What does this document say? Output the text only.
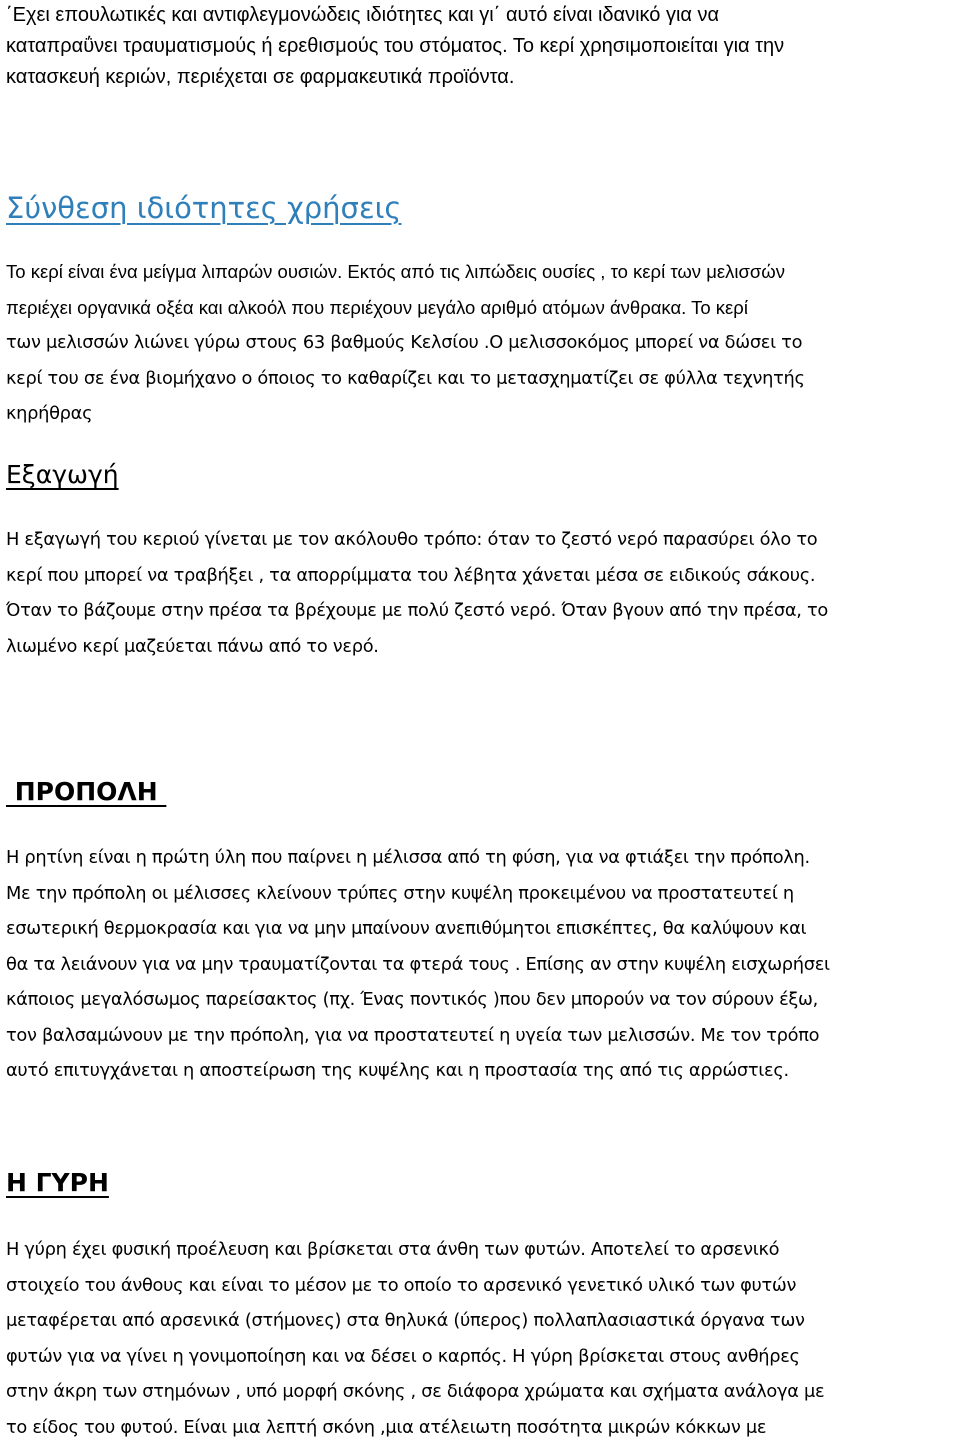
΄Εχει επουλωτικές και αντιφλεγμονώδεις ιδιότητες και γι΄ αυτό είναι ιδανικό για να
καταπραΰνει τραυματισμούς ή ερεθισμούς του στόματος. Το κερί χρησιμοποιείται για την
κατασκευή κεριών, περιέχεται σε φαρμακευτικά προϊόντα.

Σύνθεση ιδιότητες χρήσεις

Το κερί είναι ένα μείγμα λιπαρών ουσιών. Εκτός από τις λιπώδεις ουσίες , το κερί των μελισσών
περιέχει οργανικά οξέα και αλκοόλ που περιέχουν μεγάλο αριθμό ατόμων άνθρακα. Το κερί
των μελισσών λιώνει γύρω στους 63 βαθμούς Κελσίου .Ο μελισσοκόμος μπορεί να δώσει το
κερί του σε ένα βιομήχανο ο όποιος το καθαρίζει και το μετασχηματίζει σε φύλλα τεχνητής
κηρήθρας

Εξαγωγή

Η εξαγωγή του κεριού γίνεται με τον ακόλουθο τρόπο: όταν το ζεστό νερό παρασύρει όλο το
κερί που μπορεί να τραβήξει , τα απορρίμματα του λέβητα χάνεται μέσα σε ειδικούς σάκους.
Όταν το βάζουμε στην πρέσα τα βρέχουμε με πολύ ζεστό νερό. Όταν βγουν από την πρέσα, το
λιωμένο κερί μαζεύεται πάνω από το νερό.

ΠΡΟΠΟΛΗ

Η ρητίνη είναι η πρώτη ύλη που παίρνει η μέλισσα από τη φύση, για να φτιάξει την πρόπολη.
Με την πρόπολη οι μέλισσες κλείνουν τρύπες στην κυψέλη προκειμένου να προστατευτεί η
εσωτερική θερμοκρασία και για να μην μπαίνουν ανεπιθύμητοι επισκέπτες, θα καλύψουν και
θα τα λειάνουν για να μην τραυματίζονται τα φτερά τους . Επίσης αν στην κυψέλη εισχωρήσει
κάποιος μεγαλόσωμος παρείσακτος (πχ. Ένας ποντικός )που δεν μπορούν να τον σύρουν έξω,
τον βαλσαμώνουν με την πρόπολη, για να προστατευτεί η υγεία των μελισσών. Με τον τρόπο
αυτό επιτυγχάνεται η αποστείρωση της κυψέλης και η προστασία της από τις αρρώστιες.

Η ΓΥΡΗ

Η γύρη έχει φυσική προέλευση και βρίσκεται στα άνθη των φυτών. Αποτελεί το αρσενικό
στοιχείο του άνθους και είναι το μέσον με το οποίο το αρσενικό γενετικό υλικό των φυτών
μεταφέρεται από αρσενικά (στήμονες) στα θηλυκά (ύπερος) πολλαπλασιαστικά όργανα των
φυτών για να γίνει η γονιμοποίηση και να δέσει ο καρπός. Η γύρη βρίσκεται στους ανθήρες
στην άκρη των στημόνων , υπό μορφή σκόνης , σε διάφορα χρώματα και σχήματα ανάλογα με
το είδος του φυτού. Είναι μια λεπτή σκόνη ,μια ατέλειωτη ποσότητα μικρών κόκκων με
